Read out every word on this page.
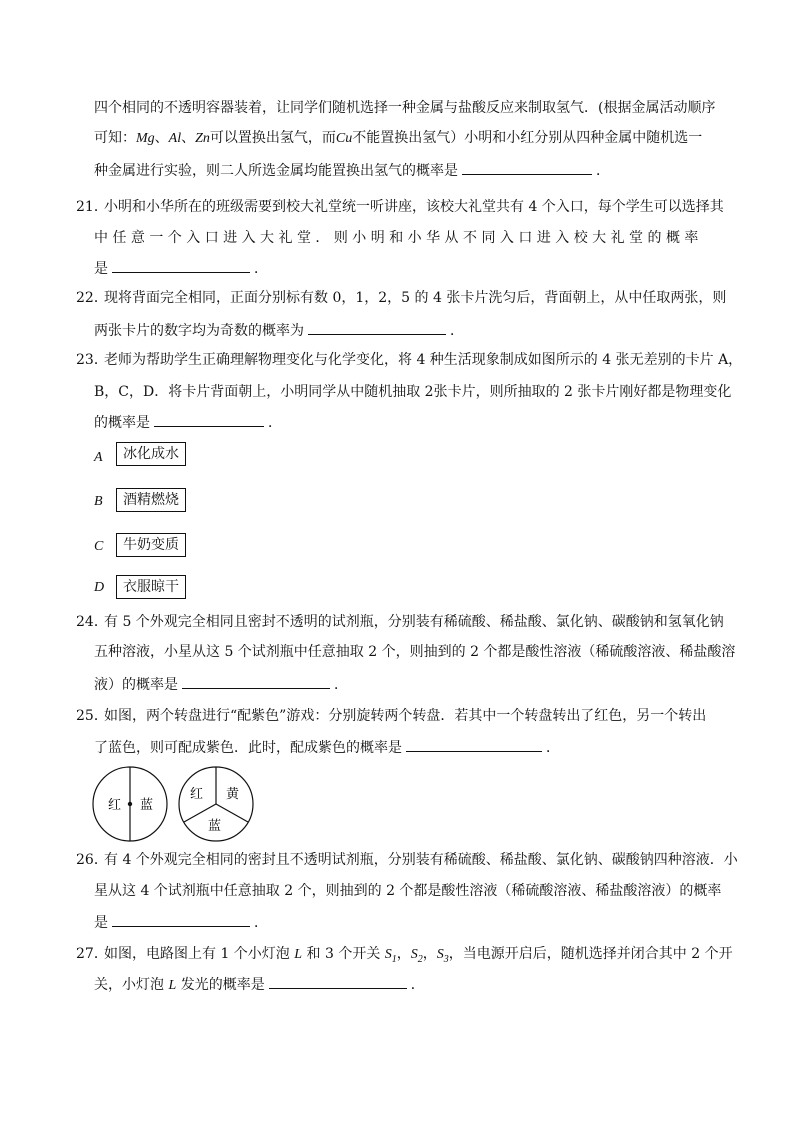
四个相同的不透明容器装着，让同学们随机选择一种金属与盐酸反应来制取氢气．(根据金属活动顺序
可知：Mg、Al、Zn可以置换出氢气，而Cu不能置换出氢气）小明和小红分别从四种金属中随机选一
种金属进行实验，则二人所选金属均能置换出氢气的概率是	．
21．
小明和小华所在的班级需要到校大礼堂统一听讲座，该校大礼堂共有 4 个入口，每个学生可以选择其
中 任 意 一 个 入 口 进 入 大 礼 堂 ． 则 小 明 和 小 华 从 不 同 入 口 进 入 校 大 礼 堂 的 概 率
是	．
22．
现将背面完全相同，正面分别标有数 0，1，2，5 的 4 张卡片洗匀后，背面朝上，从中任取两张，则
两张卡片的数字均为奇数的概率为	．
23．
老师为帮助学生正确理解物理变化与化学变化，将 4 种生活现象制成如图所示的 4 张无差别的卡片 A，
B，C，D．将卡片背面朝上，小明同学从中随机抽取 2张卡片，则所抽取的 2 张卡片刚好都是物理变化
的概率是	．
A	冰化成水
B	酒精燃烧
C	牛奶变质
D	衣服晾干
24．
有 5 个外观完全相同且密封不透明的试剂瓶，分别装有稀硫酸、稀盐酸、氯化钠、碳酸钠和氢氧化钠
五种溶液，小星从这 5 个试剂瓶中任意抽取 2 个，则抽到的 2 个都是酸性溶液（稀硫酸溶液、稀盐酸溶
液）的概率是	．
25．
如图，两个转盘进行“配紫色”游戏：分别旋转两个转盘．若其中一个转盘转出了红色，另一个转出
了蓝色，则可配成紫色．此时，配成紫色的概率是	．
红 蓝
红 黄
蓝
26．
有 4 个外观完全相同的密封且不透明试剂瓶，分别装有稀硫酸、稀盐酸、氯化钠、碳酸钠四种溶液．小
星从这 4 个试剂瓶中任意抽取 2 个，则抽到的 2 个都是酸性溶液（稀硫酸溶液、稀盐酸溶液）的概率
是	．
27．
如图，电路图上有 1 个小灯泡 L 和 3 个开关 $S_1$，$S_2$，$S_3$，当电源开启后，随机选择并闭合其中 2 个开
关，小灯泡 L 发光的概率是	．
